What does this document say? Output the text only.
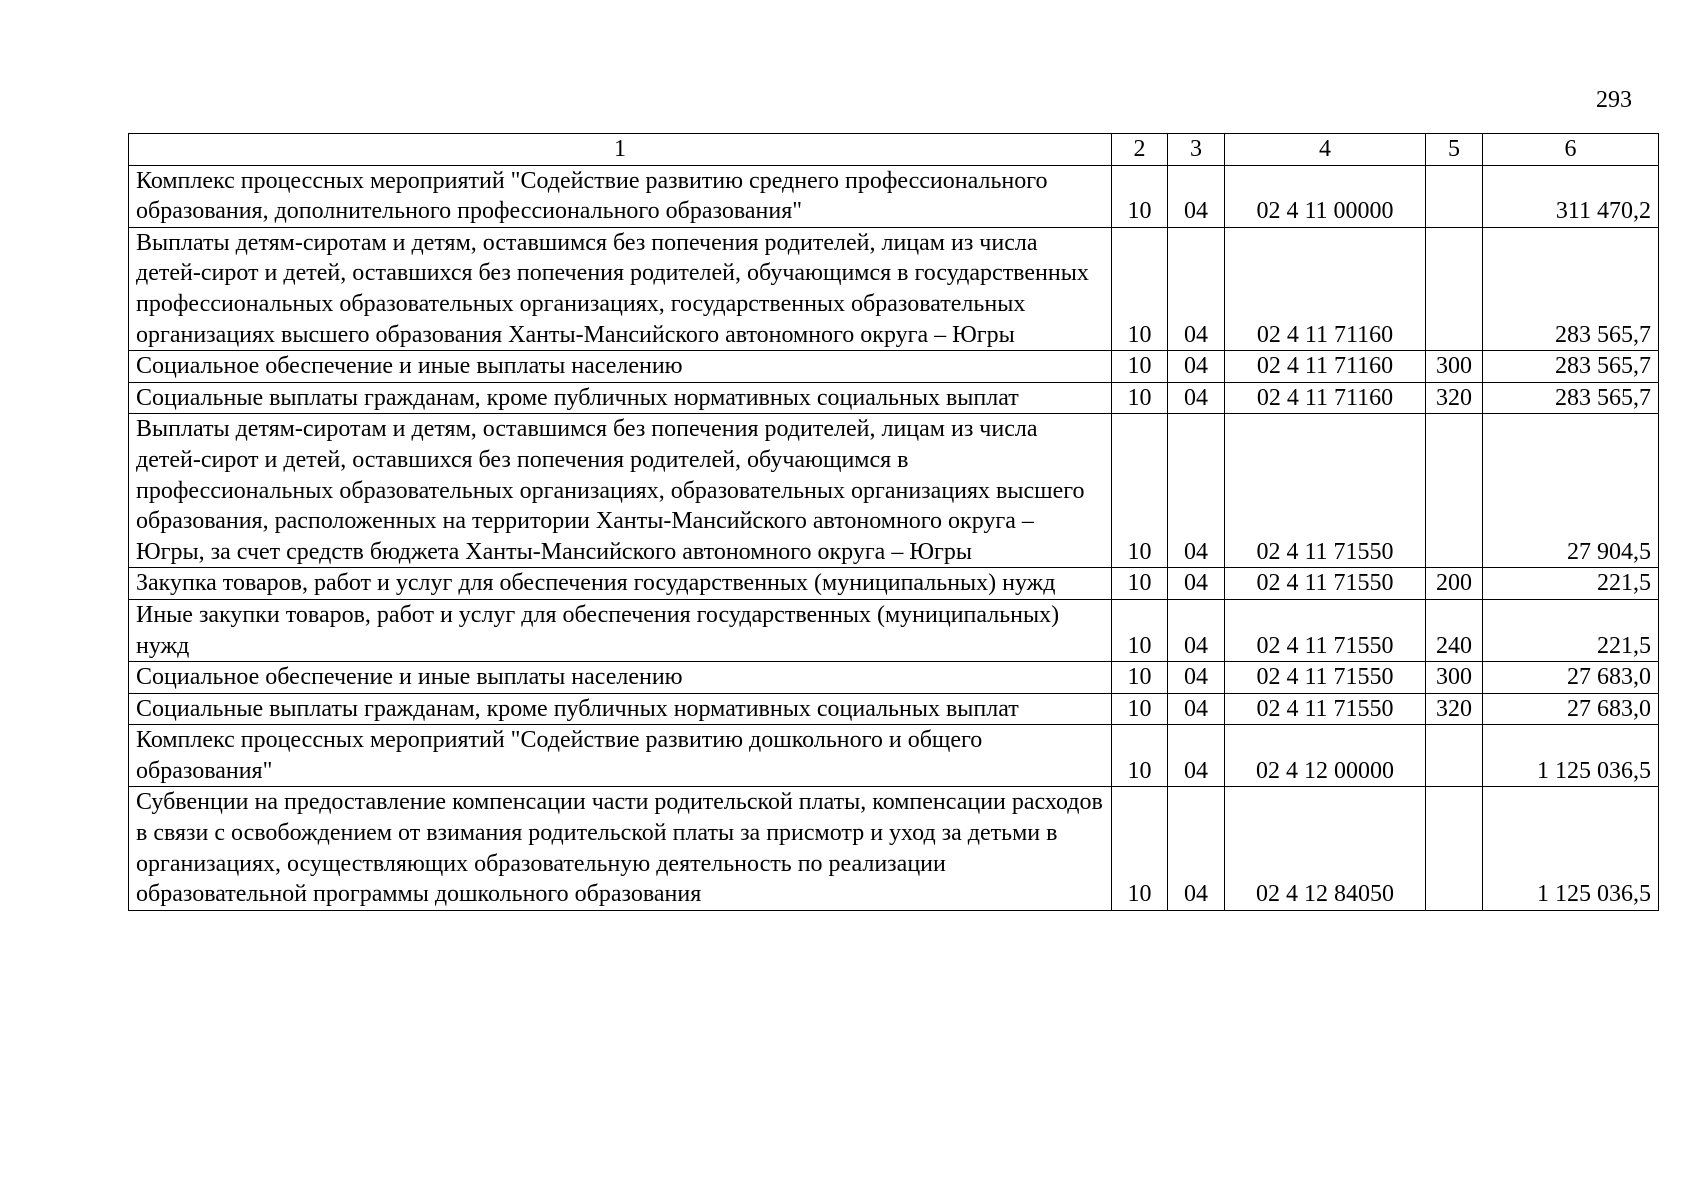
293
1	2	3	4	5	6
Комплекс процессных мероприятий "Содействие развитию среднего профессионального образования, дополнительного профессионального образования"	10	04	02 4 11 00000		311 470,2
Выплаты детям-сиротам и детям, оставшимся без попечения родителей, лицам из числа детей-сирот и детей, оставшихся без попечения родителей, обучающимся в государственных профессиональных образовательных организациях, государственных образовательных организациях высшего образования Ханты-Мансийского автономного округа – Югры	10	04	02 4 11 71160		283 565,7
Социальное обеспечение и иные выплаты населению	10	04	02 4 11 71160	300	283 565,7
Социальные выплаты гражданам, кроме публичных нормативных социальных выплат	10	04	02 4 11 71160	320	283 565,7
Выплаты детям-сиротам и детям, оставшимся без попечения родителей, лицам из числа детей-сирот и детей, оставшихся без попечения родителей, обучающимся в профессиональных образовательных организациях, образовательных организациях высшего образования, расположенных на территории Ханты-Мансийского автономного округа – Югры, за счет средств бюджета Ханты-Мансийского автономного округа – Югры	10	04	02 4 11 71550		27 904,5
Закупка товаров, работ и услуг для обеспечения государственных (муниципальных) нужд	10	04	02 4 11 71550	200	221,5
Иные закупки товаров, работ и услуг для обеспечения государственных (муниципальных) нужд	10	04	02 4 11 71550	240	221,5
Социальное обеспечение и иные выплаты населению	10	04	02 4 11 71550	300	27 683,0
Социальные выплаты гражданам, кроме публичных нормативных социальных выплат	10	04	02 4 11 71550	320	27 683,0
Комплекс процессных мероприятий "Содействие развитию дошкольного и общего образования"	10	04	02 4 12 00000		1 125 036,5
Субвенции на предоставление компенсации части родительской платы, компенсации расходов в связи с освобождением от взимания родительской платы за присмотр и уход за детьми в организациях, осуществляющих образовательную деятельность по реализации образовательной программы дошкольного образования	10	04	02 4 12 84050		1 125 036,5
